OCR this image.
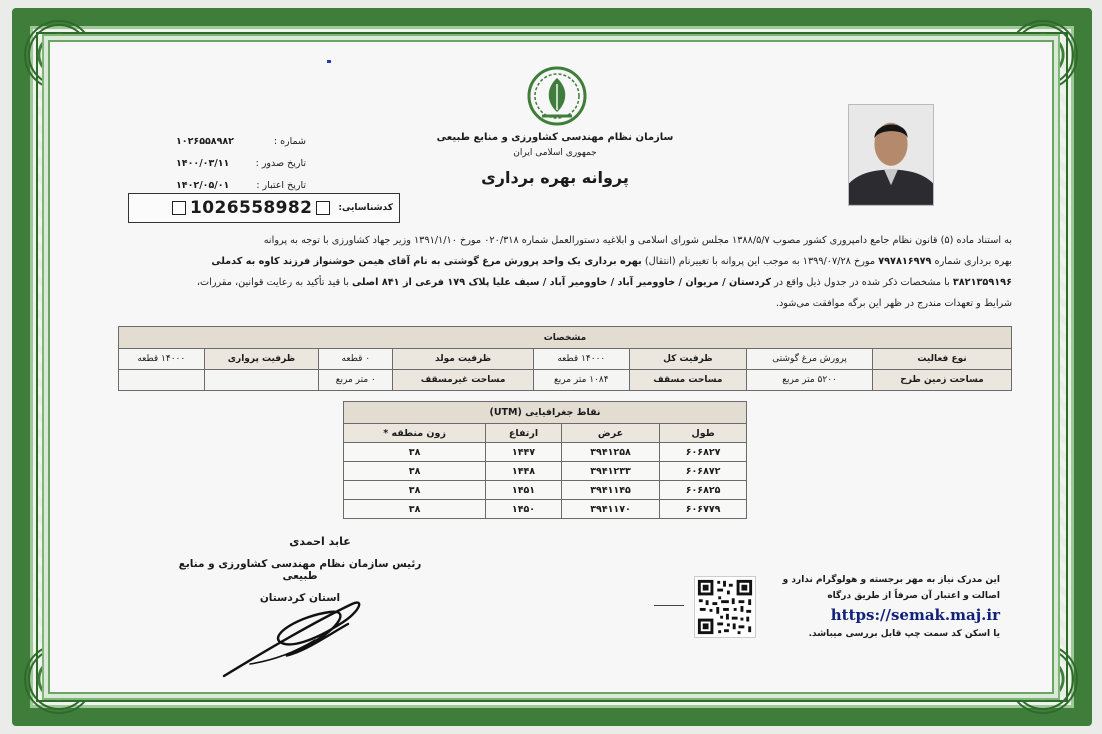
سازمان نظام مهندسی کشاورزی و منابع طبیعی
جمهوری اسلامی ایران
پروانه بهره برداری
شماره :
۱۰۲۶۵۵۸۹۸۲
تاریخ صدور :
۱۴۰۰/۰۳/۱۱
تاریخ اعتبار :
۱۴۰۲/۰۵/۰۱
کدشناسایی:
1026558982
به استناد ماده (۵) قانون نظام جامع دامپروری کشور مصوب ۱۳۸۸/۵/۷ مجلس شورای اسلامی و ابلاغیه دستورالعمل شماره ۰۲۰/۳۱۸ مورخ ۱۳۹۱/۱/۱۰ وزیر جهاد کشاورزی با توجه به پروانه
بهره برداری شماره ۷۹۷۸۱۶۹۷۹ مورخ ۱۳۹۹/۰۷/۲۸ به موجب این پروانه با تغییرنام (انتقال) بهره برداری یک واحد پرورش مرغ گوشتی به نام آقای هیمن خوشنواز فرزند کاوه به کدملی
۳۸۲۱۳۵۹۱۹۶ با مشخصات ذکر شده در جدول ذیل واقع در کردستان / مریوان / خاوومیر آباد / خاوومیر آباد / سیف علیا پلاک ۱۷۹ فرعی از ۸۴۱ اصلی با قید تأکید به رعایت قوانین، مقررات،
شرایط و تعهدات مندرج در ظهر این برگه موافقت می‌شود.
مشخصات							
نوع فعالیت	پرورش مرغ گوشتی	ظرفیت کل	۱۴۰۰۰ قطعه	ظرفیت مولد	۰ قطعه	ظرفیت پرواری	۱۴۰۰۰ قطعه
مساحت زمین طرح	۵۲۰۰ متر مربع	مساحت مسقف	۱۰۸۴ متر مربع	مساحت غیرمسقف	۰ متر مربع		
نقاط جغرافیایی (UTM)			
طول	عرض	ارتفاع	زون منطقه *
۶۰۶۸۲۷	۳۹۴۱۲۵۸	۱۴۴۷	۳۸
۶۰۶۸۷۲	۳۹۴۱۲۳۳	۱۴۴۸	۳۸
۶۰۶۸۲۵	۳۹۴۱۱۴۵	۱۴۵۱	۳۸
۶۰۶۷۷۹	۳۹۴۱۱۷۰	۱۴۵۰	۳۸
عابد احمدی
رئیس سازمان نظام مهندسی کشاورزی و منابع طبیعی
استان کردستان
این مدرک نیاز به مهر برجسته و هولوگرام ندارد و
اصالت و اعتبار آن صرفاً از طریق درگاه
https://semak.maj.ir
یا اسکن کد سمت چپ قابل بررسی میباشد.
